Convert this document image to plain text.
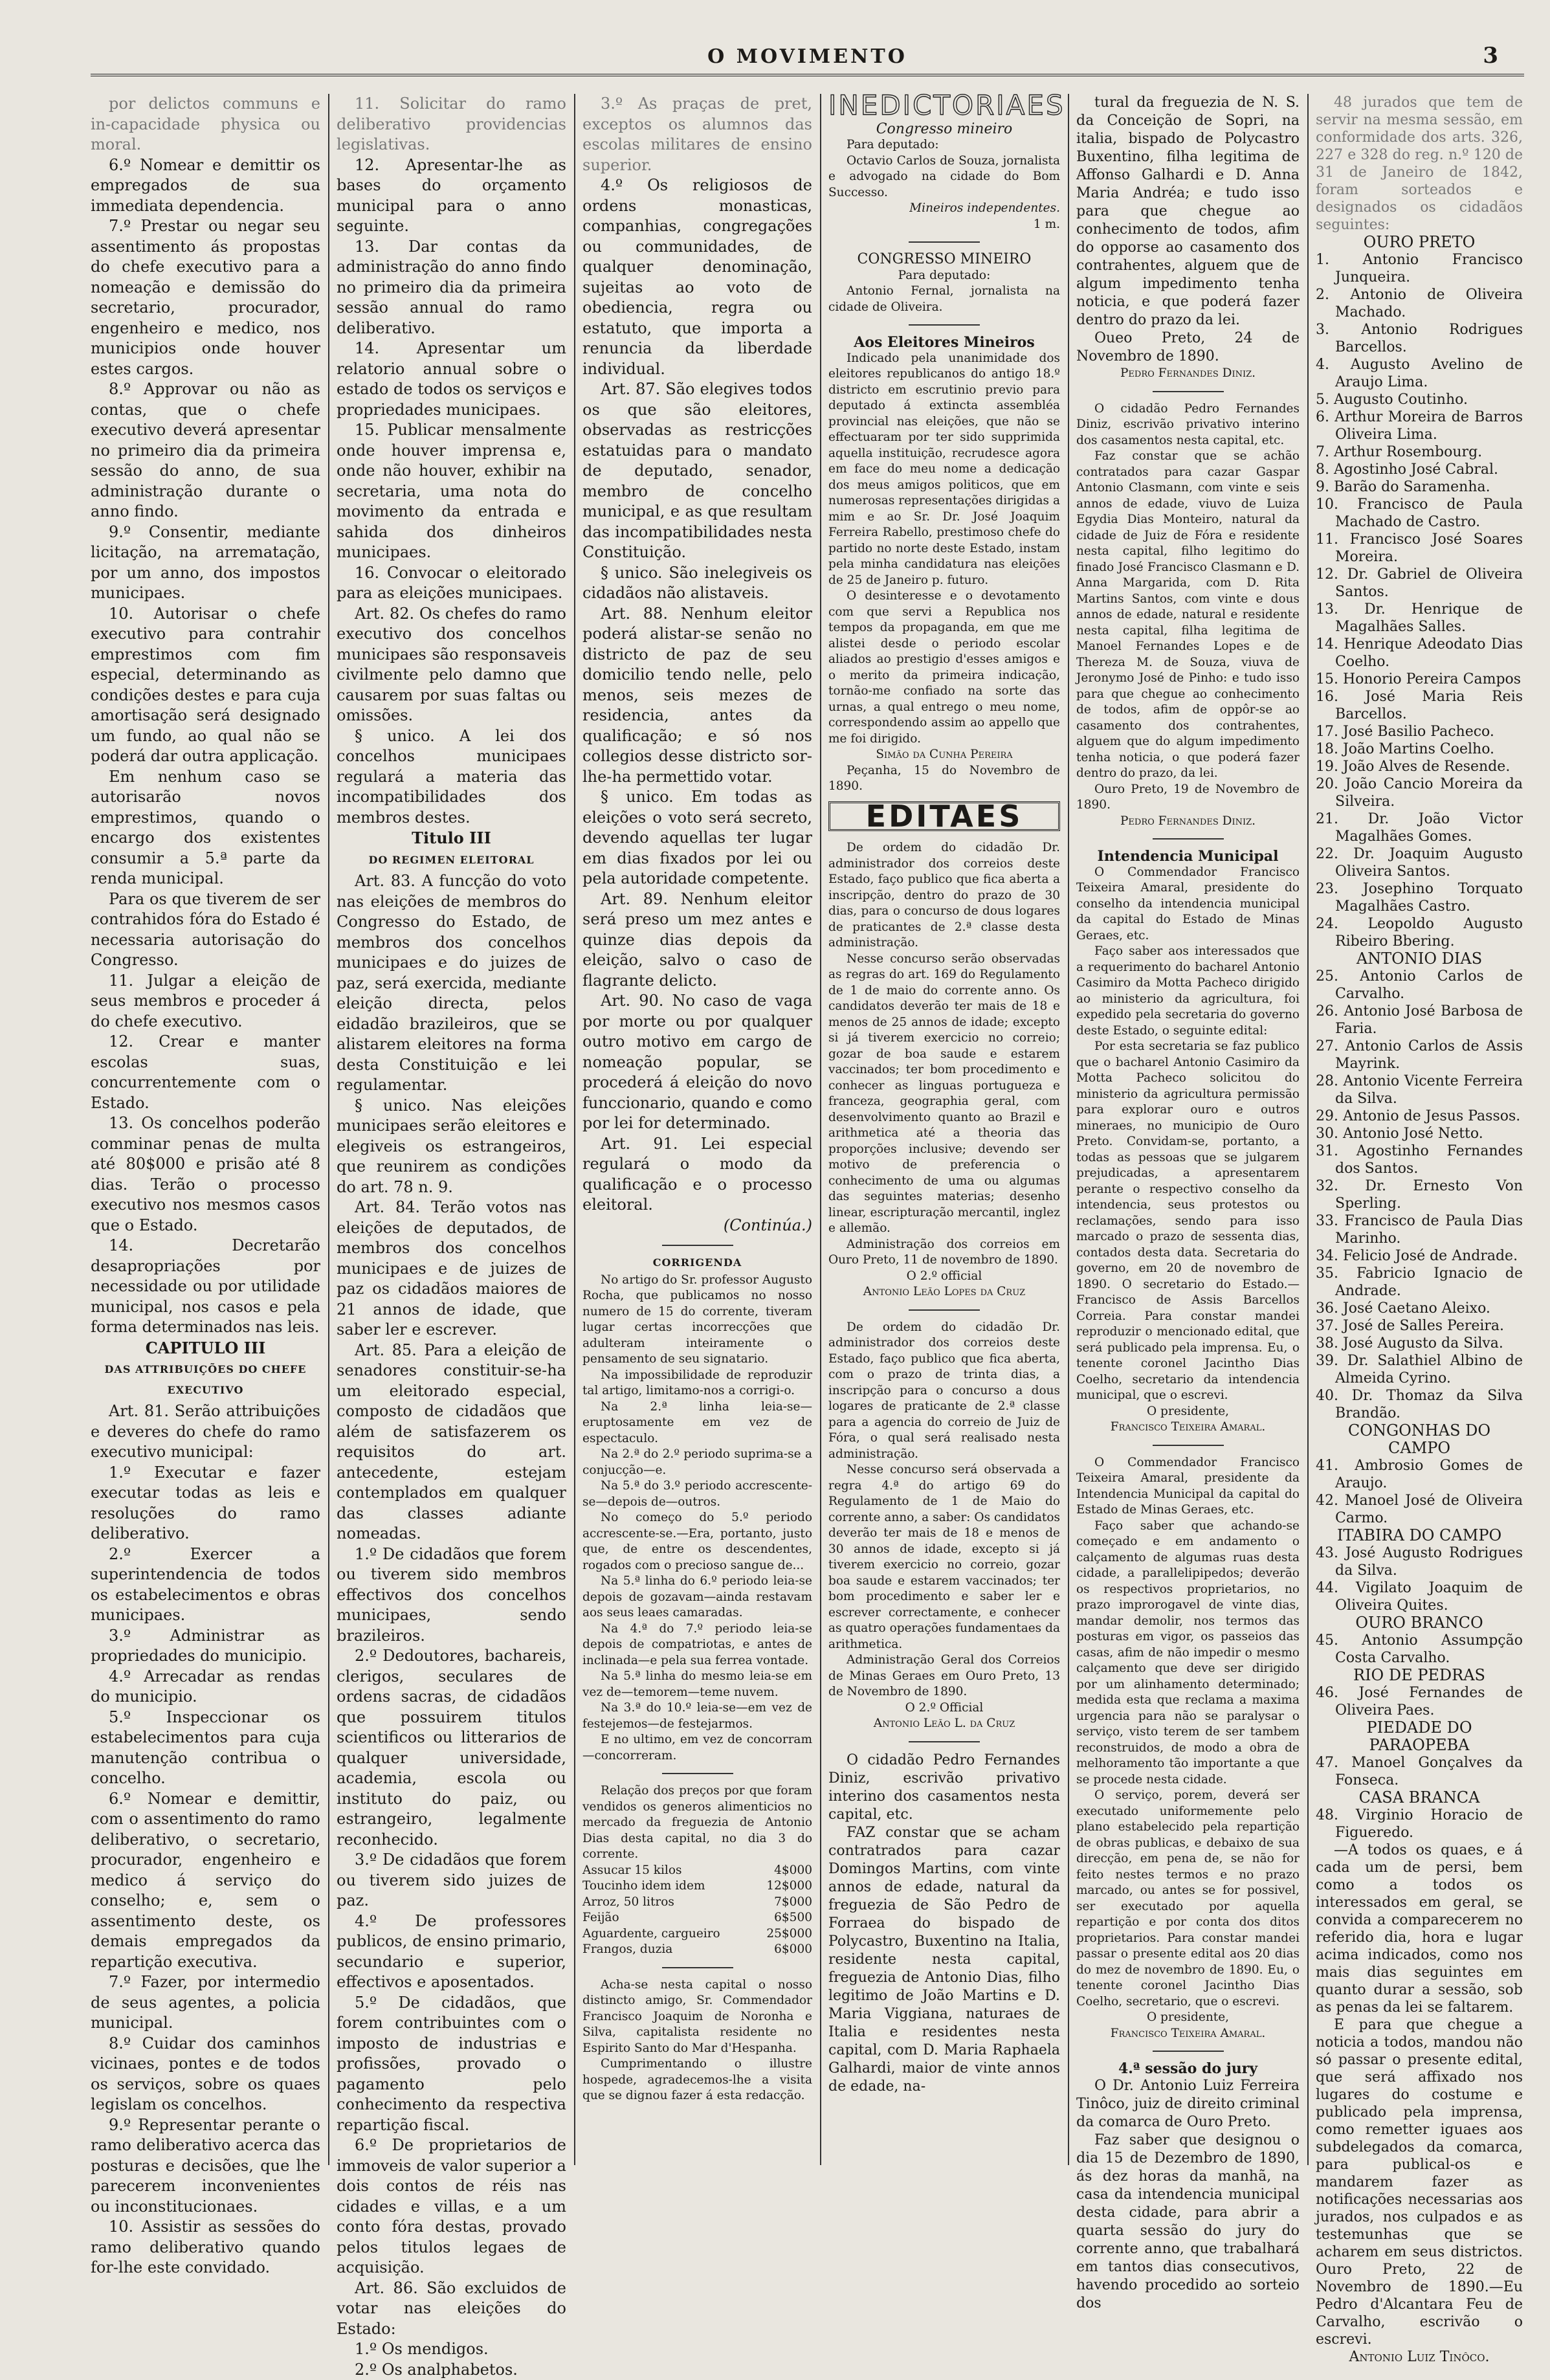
O MOVIMENTO	3

por delictos communs e in-capacidade physica ou moral.

6.º Nomear e demittir os empregados de sua immediata dependencia.

7.º Prestar ou negar seu assentimento ás propostas do chefe executivo para a nomeação e demissão do secretario, procurador, engenheiro e medico, nos municipios onde houver estes cargos.

8.º Approvar ou não as contas, que o chefe executivo deverá apresentar no primeiro dia da primeira sessão do anno, de sua administração durante o anno findo.

9.º Consentir, mediante licitação, na arrematação, por um anno, dos impostos municipaes.

10. Autorisar o chefe executivo para contrahir emprestimos com fim especial, determinando as condições destes e para cuja amortisação será designado um fundo, ao qual não se poderá dar outra applicação.

Em nenhum caso se autorisarão novos emprestimos, quando o encargo dos existentes consumir a 5.ª parte da renda municipal.

Para os que tiverem de ser contrahidos fóra do Estado é necessaria autorisação do Congresso.

11. Julgar a eleição de seus membros e proceder á do chefe executivo.

12. Crear e manter escolas suas, concurrentemente com o Estado.

13. Os concelhos poderão comminar penas de multa até 80$000 e prisão até 8 dias. Terão o processo executivo nos mesmos casos que o Estado.

14. Decretarão desapropriações por necessidade ou por utilidade municipal, nos casos e pela forma determinados nas leis.

CAPITULO III

DAS ATTRIBUIÇÕES DO CHEFE EXECUTIVO

Art. 81. Serão attribuições e deveres do chefe do ramo executivo municipal:

1.º Executar e fazer executar todas as leis e resoluções do ramo deliberativo.

2.º Exercer a superintendencia de todos os estabelecimentos e obras municipaes.

3.º Administrar as propriedades do municipio.

4.º Arrecadar as rendas do municipio.

5.º Inspeccionar os estabelecimentos para cuja manutenção contribua o concelho.

6.º Nomear e demittir, com o assentimento do ramo deliberativo, o secretario, procurador, engenheiro e medico á serviço do conselho; e, sem o assentimento deste, os demais empregados da repartição executiva.

7.º Fazer, por intermedio de seus agentes, a policia municipal.

8.º Cuidar dos caminhos vicinaes, pontes e de todos os serviços, sobre os quaes legislam os concelhos.

9.º Representar perante o ramo deliberativo acerca das posturas e decisões, que lhe parecerem inconvenientes ou inconstitucionaes.

10. Assistir as sessões do ramo deliberativo quando for-lhe este convidado.

11. Solicitar do ramo deliberativo providencias legislativas.

12. Apresentar-lhe as bases do orçamento municipal para o anno seguinte.

13. Dar contas da administração do anno findo no primeiro dia da primeira sessão annual do ramo deliberativo.

14. Apresentar um relatorio annual sobre o estado de todos os serviços e propriedades municipaes.

15. Publicar mensalmente onde houver imprensa e, onde não houver, exhibir na secretaria, uma nota do movimento da entrada e sahida dos dinheiros municipaes.

16. Convocar o eleitorado para as eleições municipaes.

Art. 82. Os chefes do ramo executivo dos concelhos municipaes são responsaveis civilmente pelo damno que causarem por suas faltas ou omissões.

§ unico. A lei dos concelhos municipaes regulará a materia das incompatibilidades dos membros destes.

Titulo III

DO REGIMEN ELEITORAL

Art. 83. A funcção do voto nas eleições de membros do Congresso do Estado, de membros dos concelhos municipaes e do juizes de paz, será exercida, mediante eleição directa, pelos eidadão brazileiros, que se alistarem eleitores na forma desta Constituição e lei regulamentar.

§ unico. Nas eleições municipaes serão eleitores e elegiveis os estrangeiros, que reunirem as condições do art. 78 n. 9.

Art. 84. Terão votos nas eleições de deputados, de membros dos concelhos municipaes e de juizes de paz os cidadãos maiores de 21 annos de idade, que saber ler e escrever.

Art. 85. Para a eleição de senadores constituir-se-ha um eleitorado especial, composto de cidadãos que além de satisfazerem os requisitos do art. antecedente, estejam contemplados em qualquer das classes adiante nomeadas.

1.º De cidadãos que forem ou tiverem sido membros effectivos dos concelhos municipaes, sendo brazileiros.

2.º Dedoutores, bachareis, clerigos, seculares de ordens sacras, de cidadãos que possuirem titulos scientificos ou litterarios de qualquer universidade, academia, escola ou instituto do paiz, ou estrangeiro, legalmente reconhecido.

3.º De cidadãos que forem ou tiverem sido juizes de paz.

4.º De professores publicos, de ensino primario, secundario e superior, effectivos e aposentados.

5.º De cidadãos, que forem contribuintes com o imposto de industrias e profissões, provado o pagamento pelo conhecimento da respectiva repartição fiscal.

6.º De proprietarios de immoveis de valor superior a dois contos de réis nas cidades e villas, e a um conto fóra destas, provado pelos titulos legaes de acquisição.

Art. 86. São excluidos de votar nas eleições do Estado:

1.º Os mendigos.

2.º Os analphabetos.

3.º As praças de pret, exceptos os alumnos das escolas militares de ensino superior.

4.º Os religiosos de ordens monasticas, companhias, congregações ou communidades, de qualquer denominação, sujeitas ao voto de obediencia, regra ou estatuto, que importa a renuncia da liberdade individual.

Art. 87. São elegives todos os que são eleitores, observadas as restricções estatuidas para o mandato de deputado, senador, membro de concelho municipal, e as que resultam das incompatibilidades nesta Constituição.

§ unico. São inelegiveis os cidadãos não alistaveis.

Art. 88. Nenhum eleitor poderá alistar-se senão no districto de paz de seu domicilio tendo nelle, pelo menos, seis mezes de residencia, antes da qualificação; e só nos collegios desse districto sor-lhe-ha permettido votar.

§ unico. Em todas as eleições o voto será secreto, devendo aquellas ter lugar em dias fixados por lei ou pela autoridade competente.

Art. 89. Nenhum eleitor será preso um mez antes e quinze dias depois da eleição, salvo o caso de flagrante delicto.

Art. 90. No caso de vaga por morte ou por qualquer outro motivo em cargo de nomeação popular, se procederá á eleição do novo funccionario, quando e como por lei for determinado.

Art. 91. Lei especial regulará o modo da qualificação e o processo eleitoral.

(Continúa.)

CORRIGENDA

No artigo do Sr. professor Augusto Rocha, que publicamos no nosso numero de 15 do corrente, tiveram lugar certas incorrecções que adulteram inteiramente o pensamento de seu signatario.

Na impossibilidade de reproduzir tal artigo, limitamo-nos a corrigi-o.

Na 2.ª linha leia-se—eruptosamente em vez de espectaculo.

Na 2.ª do 2.º periodo suprima-se a conjucção—e.

Na 5.ª do 3.º periodo accrescente-se—depois de—outros.

No começo do 5.º periodo accrescente-se.—Era, portanto, justo que, de entre os descendentes, rogados com o precioso sangue de...

Na 5.ª linha do 6.º periodo leia-se depois de gozavam—ainda restavam aos seus leaes camaradas.

Na 4.ª do 7.º periodo leia-se depois de compatriotas, e antes de inclinada—e pela sua ferrea vontade.

Na 5.ª linha do mesmo leia-se em vez de—temorem—teme nuvem.

Na 3.ª do 10.º leia-se—em vez de festejemos—de festejarmos.

E no ultimo, em vez de concorram—concorreram.

Relação dos preços por que foram vendidos os generos alimenticios no mercado da freguezia de Antonio Dias desta capital, no dia 3 do corrente.

Assucar 15 kilos	4$000
Toucinho idem idem	12$000
Arroz, 50 litros	7$000
Feijão	6$500
Aguardente, cargueiro	25$000
Frangos, duzia	6$000

Acha-se nesta capital o nosso distincto amigo, Sr. Commendador Francisco Joaquim de Noronha e Silva, capitalista residente no Espirito Santo do Mar d'Hespanha.

Cumprimentando o illustre hospede, agradecemos-lhe a visita que se dignou fazer á esta redacção.

INEDICTORIAES

Congresso mineiro

Para deputado:

Octavio Carlos de Souza, jornalista e advogado na cidade do Bom Successo.

Mineiros independentes.

1 m.

CONGRESSO MINEIRO

Para deputado:

Antonio Fernal, jornalista na cidade de Oliveira.

Aos Eleitores Mineiros

Indicado pela unanimidade dos eleitores republicanos do antigo 18.º districto em escrutinio previo para deputado á extincta assembléa provincial nas eleições, que não se effectuaram por ter sido supprimida aquella instituição, recrudesce agora em face do meu nome a dedicação dos meus amigos politicos, que em numerosas representações dirigidas a mim e ao Sr. Dr. José Joaquim Ferreira Rabello, prestimoso chefe do partido no norte deste Estado, instam pela minha candidatura nas eleições de 25 de Janeiro p. futuro.

O desinteresse e o devotamento com que servi a Republica nos tempos da propaganda, em que me alistei desde o periodo escolar aliados ao prestigio d'esses amigos e o merito da primeira indicação, tornão-me confiado na sorte das urnas, a qual entrego o meu nome, correspondendo assim ao appello que me foi dirigido.

Simão da Cunha Pereira

Peçanha, 15 do Novembro de 1890.

EDITAES

De ordem do cidadão Dr. administrador dos correios deste Estado, faço publico que fica aberta a inscripção, dentro do prazo de 30 dias, para o concurso de dous logares de praticantes de 2.ª classe desta administração.

Nesse concurso serão observadas as regras do art. 169 do Regulamento de 1 de maio do corrente anno. Os candidatos deverão ter mais de 18 e menos de 25 annos de idade; excepto si já tiverem exercicio no correio; gozar de boa saude e estarem vaccinados; ter bom procedimento e conhecer as linguas portugueza e franceza, geographia geral, com desenvolvimento quanto ao Brazil e arithmetica até a theoria das proporções inclusive; devendo ser motivo de preferencia o conhecimento de uma ou algumas das seguintes materias; desenho linear, escripturação mercantil, inglez e allemão.

Administração dos correios em Ouro Preto, 11 de novembro de 1890.

O 2.º official

Antonio Leão Lopes da Cruz

De ordem do cidadão Dr. administrador dos correios deste Estado, faço publico que fica aberta, com o prazo de trinta dias, a inscripção para o concurso a dous logares de praticante de 2.ª classe para a agencia do correio de Juiz de Fóra, o qual será realisado nesta administração.

Nesse concurso será observada a regra 4.ª do artigo 69 do Regulamento de 1 de Maio do corrente anno, a saber: Os candidatos deverão ter mais de 18 e menos de 30 annos de idade, excepto si já tiverem exercicio no correio, gozar boa saude e estarem vaccinados; ter bom procedimento e saber ler e escrever correctamente, e conhecer as quatro operações fundamentaes da arithmetica.

Administração Geral dos Correios de Minas Geraes em Ouro Preto, 13 de Novembro de 1890.

O 2.º Official

Antonio Leão L. da Cruz

O cidadão Pedro Fernandes Diniz, escrivão privativo interino dos casamentos nesta capital, etc.

FAZ constar que se acham contratrados para cazar Domingos Martins, com vinte annos de edade, natural da freguezia de São Pedro de Forraea do bispado de Polycastro, Buxentino na Italia, residente nesta capital, freguezia de Antonio Dias, filho legitimo de João Martins e D. Maria Viggiana, naturaes de Italia e residentes nesta capital, com D. Maria Raphaela Galhardi, maior de vinte annos de edade, na-

tural da freguezia de N. S. da Conceição de Sopri, na italia, bispado de Polycastro Buxentino, filha legitima de Affonso Galhardi e D. Anna Maria Andréa; e tudo isso para que chegue ao conhecimento de todos, afim do opporse ao casamento dos contrahentes, alguem que de algum impedimento tenha noticia, e que poderá fazer dentro do prazo da lei.

Oueo Preto, 24 de Novembro de 1890.

Pedro Fernandes Diniz.

O cidadão Pedro Fernandes Diniz, escrivão privativo interino dos casamentos nesta capital, etc.

Faz constar que se achão contratados para cazar Gaspar Antonio Clasmann, com vinte e seis annos de edade, viuvo de Luiza Egydia Dias Monteiro, natural da cidade de Juiz de Fóra e residente nesta capital, filho legitimo do finado José Francisco Clasmann e D. Anna Margarida, com D. Rita Martins Santos, com vinte e dous annos de edade, natural e residente nesta capital, filha legitima de Manoel Fernandes Lopes e de Thereza M. de Souza, viuva de Jeronymo José de Pinho: e tudo isso para que chegue ao conhecimento de todos, afim de oppôr-se ao casamento dos contrahentes, alguem que do algum impedimento tenha noticia, o que poderá fazer dentro do prazo, da lei.

Ouro Preto, 19 de Novembro de 1890.

Pedro Fernandes Diniz.

Intendencia Municipal

O Commendador Francisco Teixeira Amaral, presidente do conselho da intendencia municipal da capital do Estado de Minas Geraes, etc.

Faço saber aos interessados que a requerimento do bacharel Antonio Casimiro da Motta Pacheco dirigido ao ministerio da agricultura, foi expedido pela secretaria do governo deste Estado, o seguinte edital:

Por esta secretaria se faz publico que o bacharel Antonio Casimiro da Motta Pacheco solicitou do ministerio da agricultura permissão para explorar ouro e outros mineraes, no municipio de Ouro Preto. Convidam-se, portanto, a todas as pessoas que se julgarem prejudicadas, a apresentarem perante o respectivo conselho da intendencia, seus protestos ou reclamações, sendo para isso marcado o prazo de sessenta dias, contados desta data. Secretaria do governo, em 20 de novembro de 1890. O secretario do Estado.—Francisco de Assis Barcellos Correia. Para constar mandei reproduzir o mencionado edital, que será publicado pela imprensa. Eu, o tenente coronel Jacintho Dias Coelho, secretario da intendencia municipal, que o escrevi.

O presidente,

Francisco Teixeira Amaral.

O Commendador Francisco Teixeira Amaral, presidente da Intendencia Municipal da capital do Estado de Minas Geraes, etc.

Faço saber que achando-se começado e em andamento o calçamento de algumas ruas desta cidade, a parallelipipedos; deverão os respectivos proprietarios, no prazo improrogavel de vinte dias, mandar demolir, nos termos das posturas em vigor, os passeios das casas, afim de não impedir o mesmo calçamento que deve ser dirigido por um alinhamento determinado; medida esta que reclama a maxima urgencia para não se paralysar o serviço, visto terem de ser tambem reconstruidos, de modo a obra de melhoramento tão importante a que se procede nesta cidade.

O serviço, porem, deverá ser executado uniformemente pelo plano estabelecido pela repartição de obras publicas, e debaixo de sua direcção, em pena de, se não for feito nestes termos e no prazo marcado, ou antes se for possivel, ser executado por aquella repartição e por conta dos ditos proprietarios. Para constar mandei passar o presente edital aos 20 dias do mez de novembro de 1890. Eu, o tenente coronel Jacintho Dias Coelho, secretario, que o escrevi.

O presidente,

Francisco Teixeira Amaral.

4.ª sessão do jury

O Dr. Antonio Luiz Ferreira Tinôco, juiz de direito criminal da comarca de Ouro Preto.

Faz saber que designou o dia 15 de Dezembro de 1890, ás dez horas da manhã, na casa da intendencia municipal desta cidade, para abrir a quarta sessão do jury do corrente anno, que trabalhará em tantos dias consecutivos, havendo procedido ao sorteio dos

48 jurados que tem de servir na mesma sessão, em conformidade dos arts. 326, 227 e 328 do reg. n.º 120 de 31 de Janeiro de 1842, foram sorteados e designados os cidadãos seguintes:

OURO PRETO
1. Antonio Francisco Junqueira.
2. Antonio de Oliveira Machado.
3. Antonio Rodrigues Barcellos.
4. Augusto Avelino de Araujo Lima.
5. Augusto Coutinho.
6. Arthur Moreira de Barros Oliveira Lima.
7. Arthur Rosembourg.
8. Agostinho José Cabral.
9. Barão do Saramenha.
10. Francisco de Paula Machado de Castro.
11. Francisco José Soares Moreira.
12. Dr. Gabriel de Oliveira Santos.
13. Dr. Henrique de Magalhães Salles.
14. Henrique Adeodato Dias Coelho.
15. Honorio Pereira Campos
16. José Maria Reis Barcellos.
17. José Basilio Pacheco.
18. João Martins Coelho.
19. João Alves de Resende.
20. João Cancio Moreira da Silveira.
21. Dr. João Victor Magalhães Gomes.
22. Dr. Joaquim Augusto Oliveira Santos.
23. Josephino Torquato Magalhães Castro.
24. Leopoldo Augusto Ribeiro Bbering.
ANTONIO DIAS
25. Antonio Carlos de Carvalho.
26. Antonio José Barbosa de Faria.
27. Antonio Carlos de Assis Mayrink.
28. Antonio Vicente Ferreira da Silva.
29. Antonio de Jesus Passos.
30. Antonio José Netto.
31. Agostinho Fernandes dos Santos.
32. Dr. Ernesto Von Sperling.
33. Francisco de Paula Dias Marinho.
34. Felicio José de Andrade.
35. Fabricio Ignacio de Andrade.
36. José Caetano Aleixo.
37. José de Salles Pereira.
38. José Augusto da Silva.
39. Dr. Salathiel Albino de Almeida Cyrino.
40. Dr. Thomaz da Silva Brandão.
CONGONHAS DO CAMPO
41. Ambrosio Gomes de Araujo.
42. Manoel José de Oliveira Carmo.
ITABIRA DO CAMPO
43. José Augusto Rodrigues da Silva.
44. Vigilato Joaquim de Oliveira Quites.
OURO BRANCO
45. Antonio Assumpção Costa Carvalho.
RIO DE PEDRAS
46. José Fernandes de Oliveira Paes.
PIEDADE DO PARAOPEBA
47. Manoel Gonçalves da Fonseca.
CASA BRANCA
48. Virginio Horacio de Figueredo.

—A todos os quaes, e á cada um de persi, bem como a todos os interessados em geral, se convida a comparecerem no referido dia, hora e lugar acima indicados, como nos mais dias seguintes em quanto durar a sessão, sob as penas da lei se faltarem.

E para que chegue a noticia a todos, mandou não só passar o presente edital, que será affixado nos lugares do costume e publicado pela imprensa, como remetter iguaes aos subdelegados da comarca, para publical-os e mandarem fazer as notificações necessarias aos jurados, nos culpados e as testemunhas que se acharem em seus districtos. Ouro Preto, 22 de Novembro de 1890.—Eu Pedro d'Alcantara Feu de Carvalho, escrivão o escrevi.

Antonio Luiz Tinôco.
